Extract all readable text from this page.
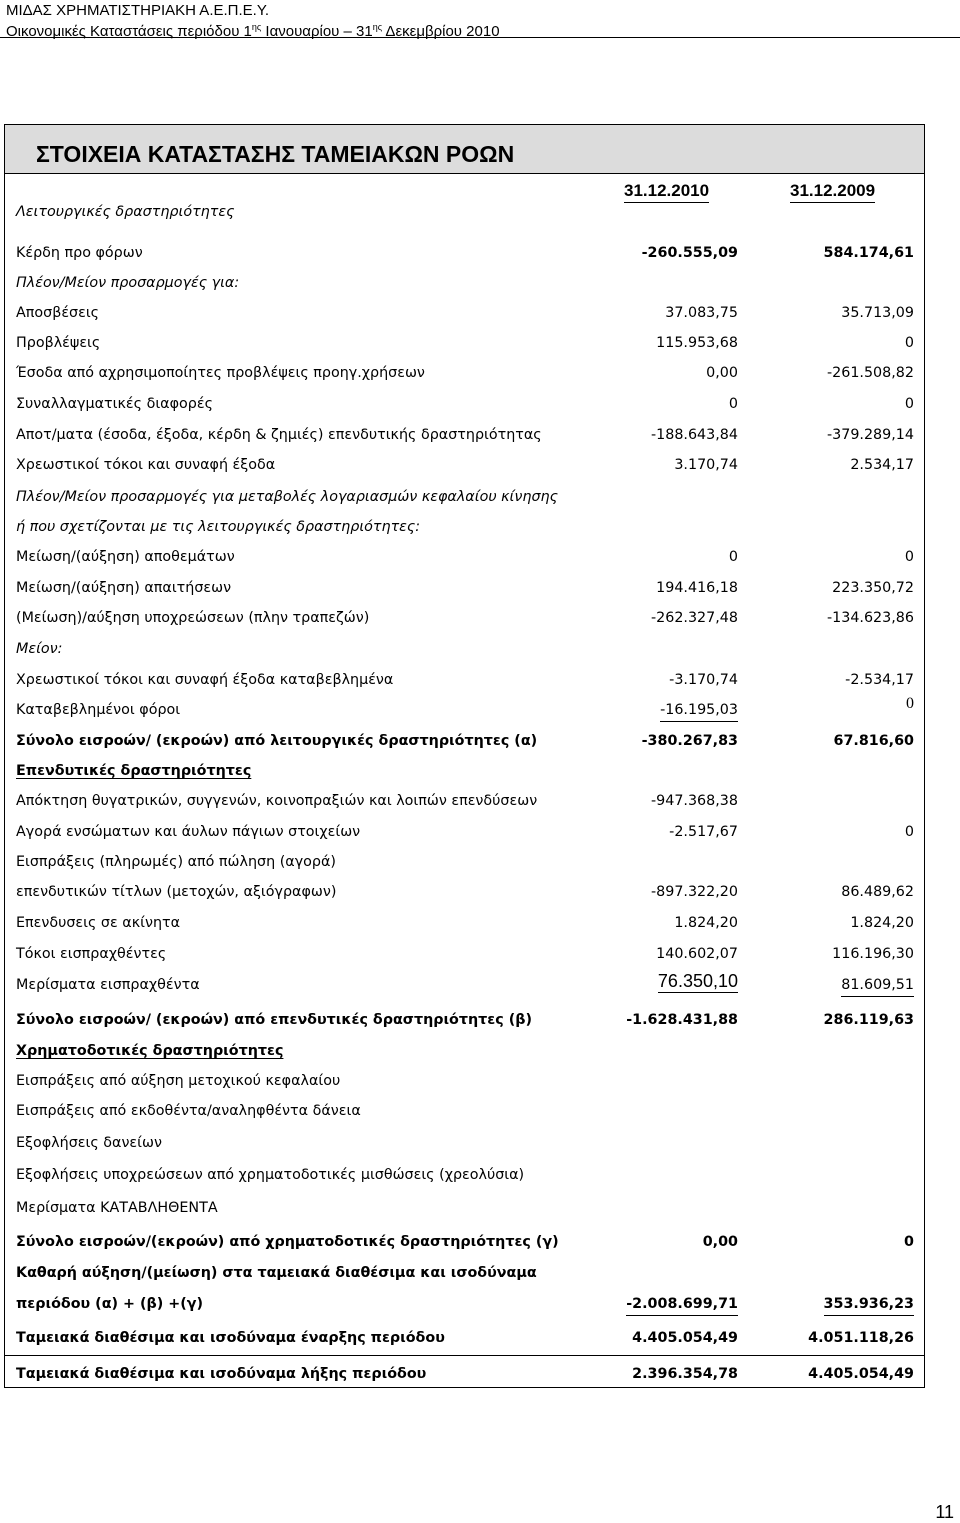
ΜΙΔΑΣ ΧΡΗΜΑΤΙΣΤΗΡΙΑΚΗ Α.Ε.Π.Ε.Υ.
Οικονομικές Καταστάσεις περιόδου $1^{\eta\varsigma}$ Ιανουαρίου – $31^{\eta\varsigma}$ Δεκεμβρίου 2010
ΣΤΟΙΧΕΙΑ ΚΑΤΑΣΤΑΣΗΣ ΤΑΜΕΙΑΚΩΝ ΡΟΩΝ
31.12.2010	31.12.2009
Λειτουργικές δραστηριότητες
Κέρδη προ φόρων	-260.555,09	584.174,61
Πλέον/Μείον προσαρμογές για:
Αποσβέσεις	37.083,75	35.713,09
Προβλέψεις	115.953,68	0
Έσοδα από αχρησιμοποίητες προβλέψεις προηγ.χρήσεων	0,00	-261.508,82
Συναλλαγματικές διαφορές	0	0
Αποτ/ματα (έσοδα, έξοδα, κέρδη & ζημιές) επενδυτικής δραστηριότητας	-188.643,84	-379.289,14
Χρεωστικοί τόκοι και συναφή έξοδα	3.170,74	2.534,17
Πλέον/Μείον προσαρμογές για μεταβολές λογαριασμών κεφαλαίου κίνησης
ή που σχετίζονται με τις λειτουργικές δραστηριότητες:
Μείωση/(αύξηση) αποθεμάτων	0	0
Μείωση/(αύξηση) απαιτήσεων	194.416,18	223.350,72
(Μείωση)/αύξηση υποχρεώσεων (πλην τραπεζών)	-262.327,48	-134.623,86
Μείον:
Χρεωστικοί τόκοι και συναφή έξοδα καταβεβλημένα	-3.170,74	-2.534,17
Καταβεβλημένοι φόροι	-16.195,03	0
Σύνολο εισροών/ (εκροών) από λειτουργικές δραστηριότητες (α)	-380.267,83	67.816,60
Επενδυτικές δραστηριότητες
Απόκτηση θυγατρικών, συγγενών, κοινοπραξιών και λοιπών επενδύσεων	-947.368,38
Αγορά ενσώματων και άυλων πάγιων στοιχείων	-2.517,67	0
Εισπράξεις (πληρωμές) από πώληση (αγορά)
επενδυτικών τίτλων (μετοχών, αξιόγραφων)	-897.322,20	86.489,62
Επενδυσεις σε ακίνητα	1.824,20	1.824,20
Τόκοι εισπραχθέντες	140.602,07	116.196,30
Μερίσματα εισπραχθέντα	76.350,10	81.609,51
Σύνολο εισροών/ (εκροών) από επενδυτικές δραστηριότητες (β)	-1.628.431,88	286.119,63
Χρηματοδοτικές δραστηριότητες
Εισπράξεις από αύξηση μετοχικού κεφαλαίου
Εισπράξεις από εκδοθέντα/αναληφθέντα δάνεια
Εξοφλήσεις δανείων
Εξοφλήσεις υποχρεώσεων από χρηματοδοτικές μισθώσεις (χρεολύσια)
Μερίσματα ΚΑΤΑΒΛΗΘΕΝΤΑ
Σύνολο εισροών/(εκροών) από χρηματοδοτικές δραστηριότητες (γ)	0,00	0
Καθαρή αύξηση/(μείωση) στα ταμειακά διαθέσιμα και ισοδύναμα
περιόδου (α) + (β) +(γ)	-2.008.699,71	353.936,23
Ταμειακά διαθέσιμα και ισοδύναμα έναρξης περιόδου	4.405.054,49	4.051.118,26
Ταμειακά διαθέσιμα και ισοδύναμα λήξης περιόδου	2.396.354,78	4.405.054,49
11
